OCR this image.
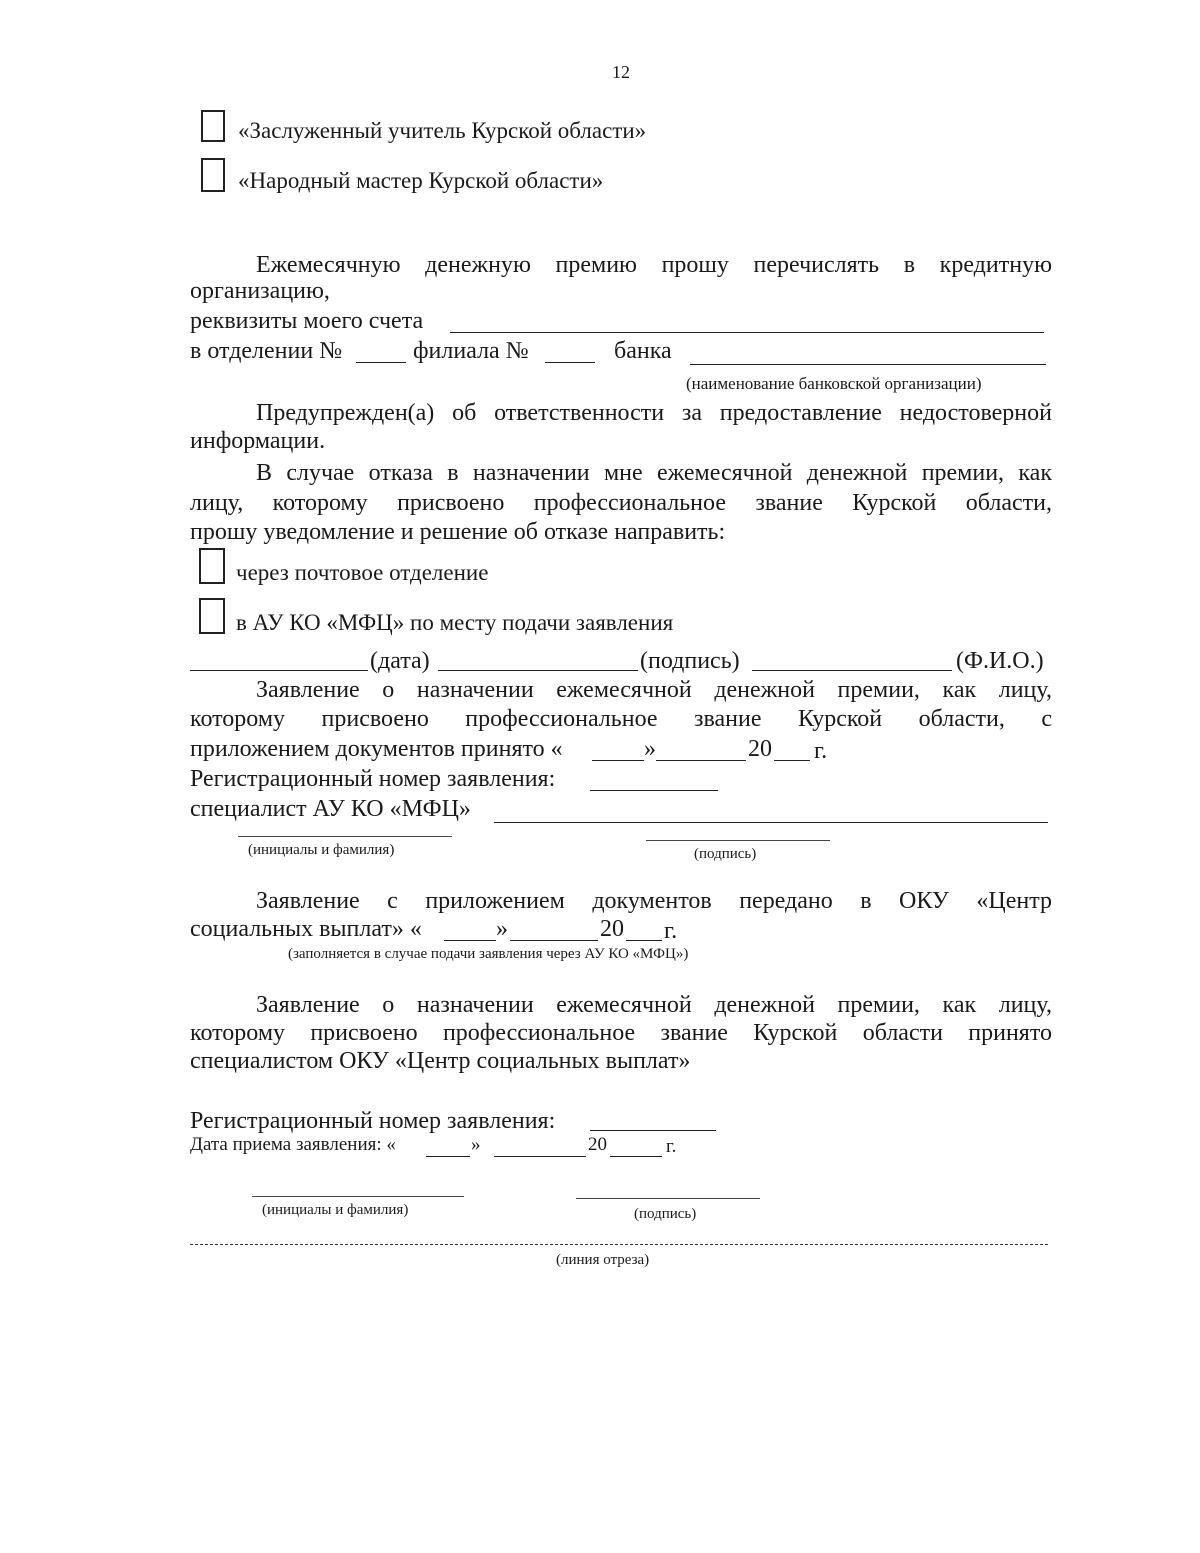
12
«Заслуженный учитель Курской области»
«Народный мастер Курской области»
Ежемесячную денежную премию прошу перечислять в кредитную
организацию,
реквизиты моего счета
в отделении №	филиала №	банка
(наименование банковской организации)
Предупрежден(а) об ответственности за предоставление недостоверной
информации.
В случае отказа в назначении мне ежемесячной денежной премии, как
лицу, которому присвоено профессиональное звание Курской области,
прошу уведомление и решение об отказе направить:
через почтовое отделение
в АУ КО «МФЦ» по месту подачи заявления
(дата)	(подпись)	(Ф.И.О.)
Заявление о назначении ежемесячной денежной премии, как лицу,
которому присвоено профессиональное звание Курской области, с
приложением документов принято «	»	20 г.
Регистрационный номер заявления:
специалист АУ КО «МФЦ»
(инициалы и фамилия)	(подпись)
Заявление с приложением документов передано в ОКУ «Центр
социальных выплат» «	»	20 г.
(заполняется в случае подачи заявления через АУ КО «МФЦ»)
Заявление о назначении ежемесячной денежной премии, как лицу,
которому присвоено профессиональное звание Курской области принято
специалистом ОКУ «Центр социальных выплат»
Регистрационный номер заявления:
Дата приема заявления: «	»	20	г.
(инициалы и фамилия)	(подпись)
(линия отреза)
